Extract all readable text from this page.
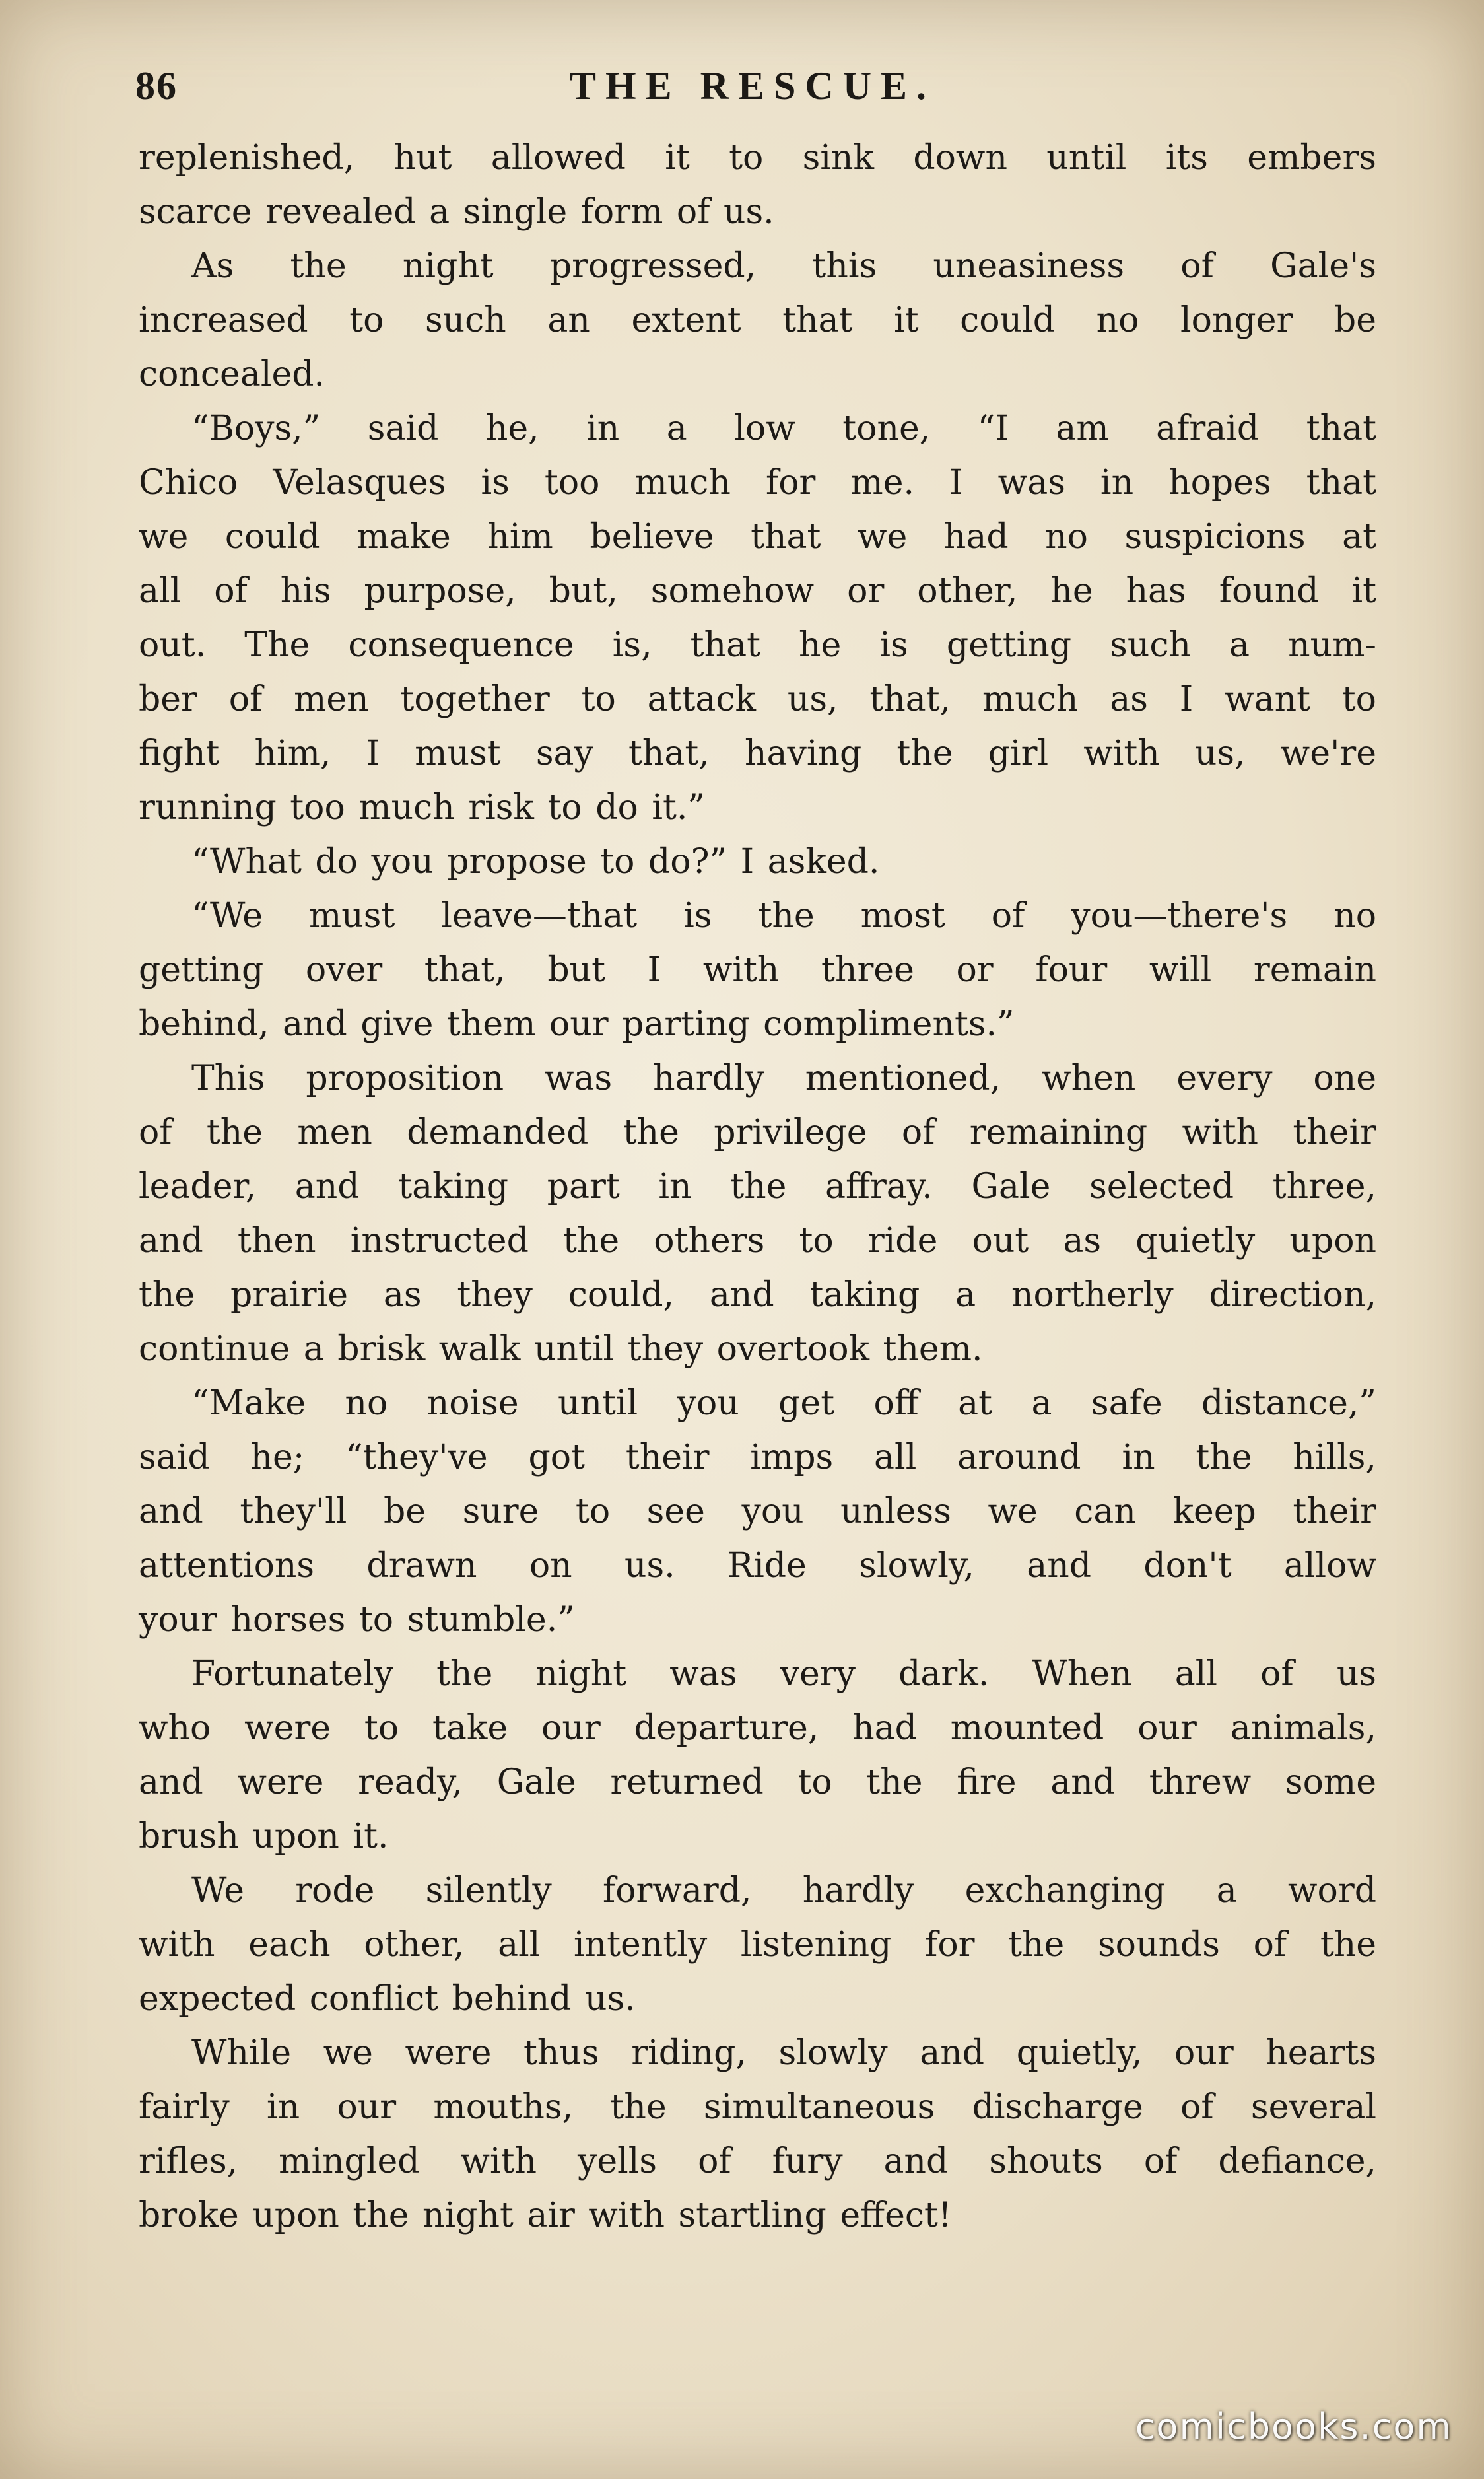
86	THE RESCUE.
replenished, hut allowed it to sink down until its embers
scarce revealed a single form of us.
As the night progressed, this uneasiness of Gale's
increased to such an extent that it could no longer be
concealed.
“Boys,” said he, in a low tone, “I am afraid that
Chico Velasques is too much for me. I was in hopes that
we could make him believe that we had no suspicions at
all of his purpose, but, somehow or other, he has found it
out. The consequence is, that he is getting such a num-
ber of men together to attack us, that, much as I want to
fight him, I must say that, having the girl with us, we're
running too much risk to do it.”
“What do you propose to do?” I asked.
“We must leave—that is the most of you—there's no
getting over that, but I with three or four will remain
behind, and give them our parting compliments.”
This proposition was hardly mentioned, when every one
of the men demanded the privilege of remaining with their
leader, and taking part in the affray. Gale selected three,
and then instructed the others to ride out as quietly upon
the prairie as they could, and taking a northerly direction,
continue a brisk walk until they overtook them.
“Make no noise until you get off at a safe distance,”
said he; “they've got their imps all around in the hills,
and they'll be sure to see you unless we can keep their
attentions drawn on us. Ride slowly, and don't allow
your horses to stumble.”
Fortunately the night was very dark. When all of us
who were to take our departure, had mounted our animals,
and were ready, Gale returned to the fire and threw some
brush upon it.
We rode silently forward, hardly exchanging a word
with each other, all intently listening for the sounds of the
expected conflict behind us.
While we were thus riding, slowly and quietly, our hearts
fairly in our mouths, the simultaneous discharge of several
rifles, mingled with yells of fury and shouts of defiance,
broke upon the night air with startling effect!
comicbooks.com
